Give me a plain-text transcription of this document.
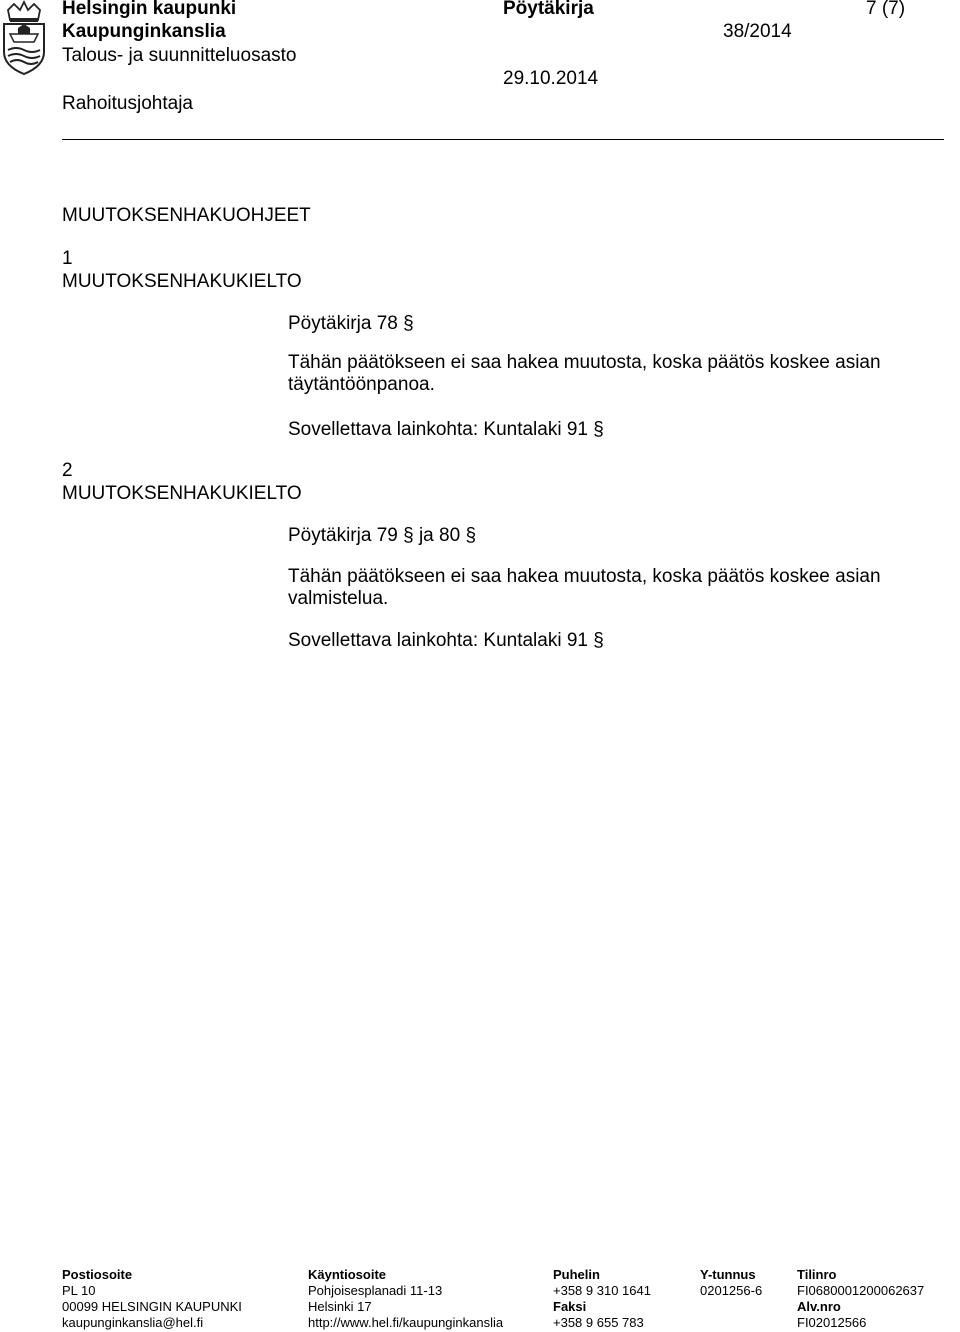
Helsingin kaupunki
Kaupunginkanslia
Talous- ja suunnitteluosasto
Rahoitusjohtaja
Pöytäkirja
38/2014
29.10.2014
7 (7)
MUUTOKSENHAKUOHJEET
1
MUUTOKSENHAKUKIELTO
Pöytäkirja 78 §
Tähän päätökseen ei saa hakea muutosta, koska päätös koskee asian täytäntöönpanoa.
Sovellettava lainkohta: Kuntalaki 91 §
2
MUUTOKSENHAKUKIELTO
Pöytäkirja 79 § ja 80 §
Tähän päätökseen ei saa hakea muutosta, koska päätös koskee asian valmistelua.
Sovellettava lainkohta: Kuntalaki 91 §
Postiosoite
PL 10
00099 HELSINGIN KAUPUNKI
kaupunginkanslia@hel.fi
Käyntiosoite
Pohjoisesplanadi 11-13
Helsinki 17
http://www.hel.fi/kaupunginkanslia
Puhelin
+358 9 310 1641
Faksi
+358 9 655 783
Y-tunnus
0201256-6
Tilinro
FI0680001200062637
Alv.nro
FI02012566
